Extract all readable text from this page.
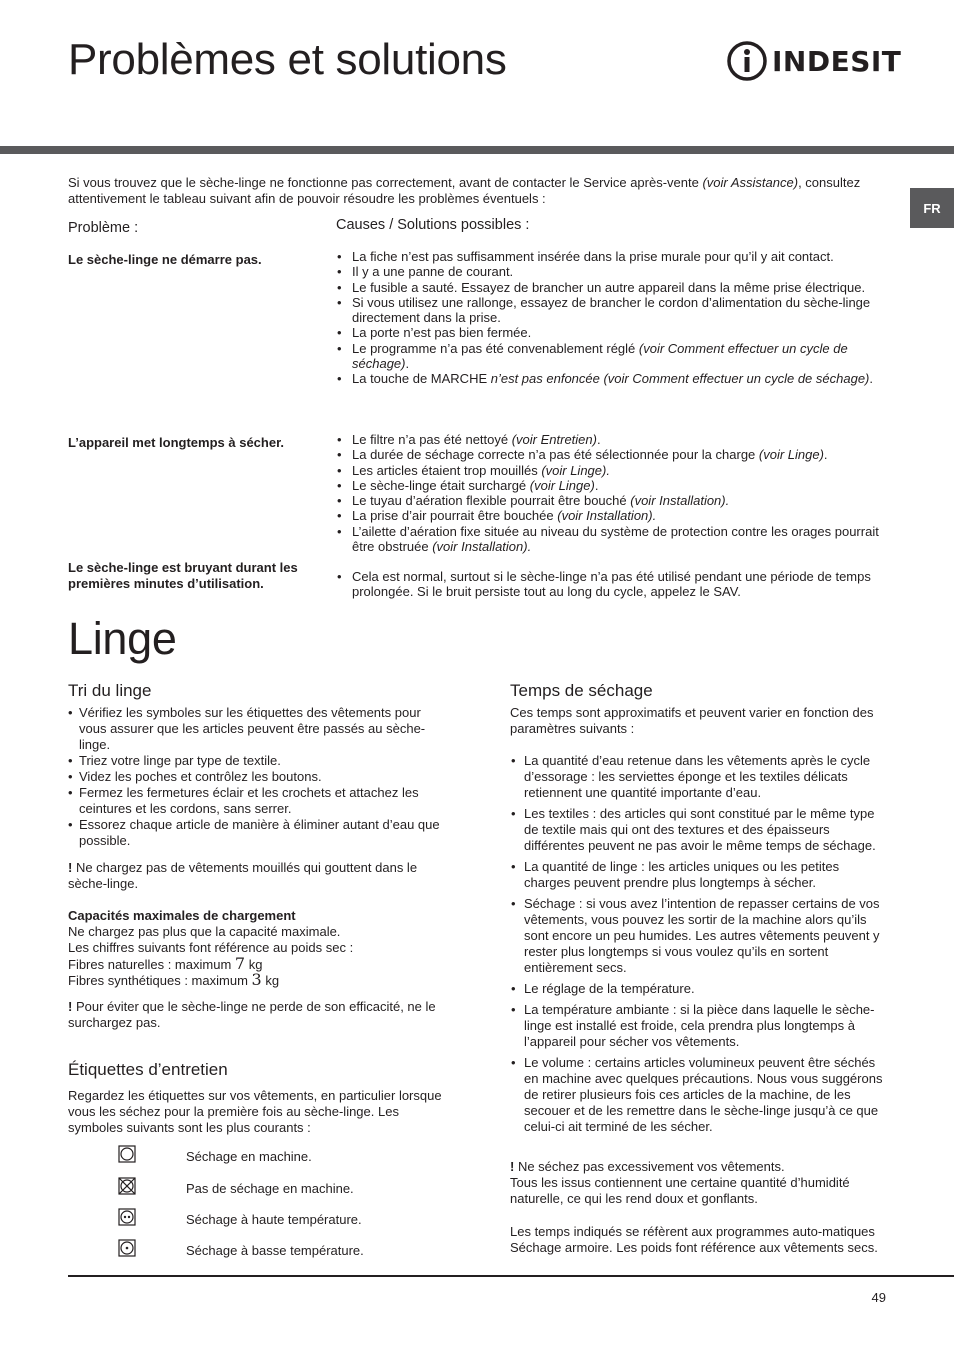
Problèmes et solutions	INDESIT
FR

Si vous trouvez que le sèche-linge ne fonctionne pas correctement, avant de contacter le Service après-vente (voir Assistance), consultez attentivement le tableau suivant afin de pouvoir résoudre les problèmes éventuels :

Problème :	Causes / Solutions possibles :
Le sèche-linge ne démarre pas.	• La fiche n’est pas suffisamment insérée dans la prise murale pour qu’il y ait contact.
• Il y a une panne de courant.
• Le fusible a sauté. Essayez de brancher un autre appareil dans la même prise électrique.
• Si vous utilisez une rallonge, essayez de brancher le cordon d’alimentation du sèche-linge directement dans la prise.
• La porte n’est pas bien fermée.
• Le programme n’a pas été convenablement réglé (voir Comment effectuer un cycle de séchage).
• La touche de MARCHE n’est pas enfoncée (voir Comment effectuer un cycle de séchage).
L’appareil met longtemps à sécher.	• Le filtre n’a pas été nettoyé (voir Entretien).
• La durée de séchage correcte n’a pas été sélectionnée pour la charge (voir Linge).
• Les articles étaient trop mouillés (voir Linge).
• Le sèche-linge était surchargé (voir Linge).
• Le tuyau d’aération flexible pourrait être bouché (voir Installation).
• La prise d’air pourrait être bouchée (voir Installation).
• L’ailette d’aération fixe située au niveau du système de protection contre les orages pourrait être obstruée (voir Installation).
Le sèche-linge est bruyant durant les premières minutes d’utilisation.	• Cela est normal, surtout si le sèche-linge n’a pas été utilisé pendant une période de temps prolongée. Si le bruit persiste tout au long du cycle, appelez le SAV.
Linge
Tri du linge
• Vérifiez les symboles sur les étiquettes des vêtements pour vous assurer que les articles peuvent être passés au sèche-linge.
• Triez votre linge par type de textile.
• Videz les poches et contrôlez les boutons.
• Fermez les fermetures éclair et les crochets et attachez les ceintures et les cordons, sans serrer.
• Essorez chaque article de manière à éliminer autant d’eau que possible.

! Ne chargez pas de vêtements mouillés qui gouttent dans le sèche-linge.

Capacités maximales de chargement
Ne chargez pas plus que la capacité maximale.
Les chiffres suivants font référence au poids sec :
Fibres naturelles : maximum 7 kg
Fibres synthétiques : maximum 3 kg

! Pour éviter que le sèche-linge ne perde de son efficacité, ne le surchargez pas.

Étiquettes d’entretien

Regardez les étiquettes sur vos vêtements, en particulier lorsque vous les séchez pour la première fois au sèche-linge. Les symboles suivants sont les plus courants :

Séchage en machine.
Pas de séchage en machine.
Séchage à haute température.
Séchage à basse température.
Temps de séchage

Ces temps sont approximatifs et peuvent varier en fonction des paramètres suivants :

• La quantité d’eau retenue dans les vêtements après le cycle d’essorage : les serviettes éponge et les textiles délicats retiennent une quantité importante d’eau.
• Les textiles : des articles qui sont constitué par le même type de textile mais qui ont des textures et des épaisseurs différentes peuvent ne pas avoir le même temps de séchage.
• La quantité de linge : les articles uniques ou les petites charges peuvent prendre plus longtemps à sécher.
• Séchage : si vous avez l’intention de repasser certains de vos vêtements, vous pouvez les sortir de la machine alors qu’ils sont encore un peu humides. Les autres vêtements peuvent y rester plus longtemps si vous voulez qu’ils en sortent entièrement secs.
• Le réglage de la température.
• La température ambiante : si la pièce dans laquelle le sèche-linge est installé est froide, cela prendra plus longtemps à l’appareil pour sécher vos vêtements.
• Le volume : certains articles volumineux peuvent être séchés en machine avec quelques précautions. Nous vous suggérons de retirer plusieurs fois ces articles de la machine, de les secouer et de les remettre dans le sèche-linge jusqu’à ce que celui-ci ait terminé de les sécher.

! Ne séchez pas excessivement vos vêtements.
Tous les issus contiennent une certaine quantité d’humidité naturelle, ce qui les rend doux et gonflants.

Les temps indiqués se réfèrent aux programmes auto-matiques Séchage armoire. Les poids font référence aux vêtements secs.

49
